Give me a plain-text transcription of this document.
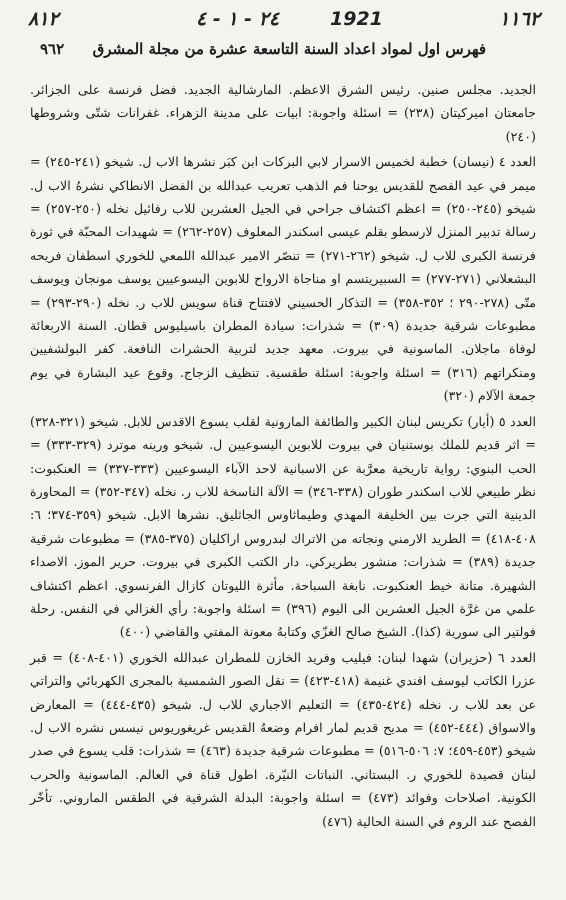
٨١٢	٢٤ - ١ - ٤	1921	١١٦٢
فهرس اول لمواد اعداد السنة التاسعة عشرة من مجلة المشرق
٩٦٢

الجديد. مجلس صنين. رئيس الشرق الاعظم. المارشالية الجديد. فضل فرنسة على الجزائر. جامعتان اميركيتان (٢٣٨) = اسئلة واجوبة: ابيات على مدينة الزهراء. غفرانات شتّى وشروطها (٢٤٠)

العدد ٤ (نيسان) خطبة لخميس الاسرار لابي البركات ابن كبَر نشرها الاب ل. شيخو (٢٤١-٢٤٥) = ميمر في عيد الفصح للقديس يوحنا فم الذهب تعريب عبدالله بن الفضل الانطاكي نشرهُ الاب ل. شيخو (٢٤٥-٢٥٠) = اعظم اكتشاف جراحي في الجيل العشرين للاب رفائيل نخله (٢٥٠-٢٥٧) = رسالة تدبير المنزل لارسطو بقلم عيسى اسكندر المعلوف (٢٥٧-٢٦٢) = شهيدات المحبّة في ثورة فرنسة الكبرى للاب ل. شيخو (٢٦٢-٢٧١) = تنصّر الامير عبدالله اللمعي للخوري اسطفان فريحه البشعلاني (٢٧١-٢٧٧) = السبيريتسم او مناجاة الارواح للابوين اليسوعيين يوسف مونجان ويوسف متّى (٢٧٨-٢٩٠ ؛ ٣٥٢-٣٥٨) = التذكار الحسيني لافتتاح قناة سويس للاب ر. نخله (٢٩٠-٢٩٣) = مطبوعات شرقية جديدة (٣٠٩) = شذرات: سيادة المطران باسيليوس قطان. السنة الاربعائة لوفاة ماجلان. الماسونية في بيروت. معهد جديد لتربية الحشرات النافعة. كفر البولشفيين ومنكراتهم (٣١٦) = اسئلة واجوبة: اسئلة طقسية. تنظيف الزجاج. وقوع عيد البشارة في يوم جمعة الآلام (٣٢٠)

العدد ٥ (أيار) تكريس لبنان الكبير والطائفة المارونية لقلب يسوع الاقدس للابل. شيخو (٣٢١-٣٢٨) = اثر قديم للملك بوستنيان في بيروت للابوين اليسوعيين ل. شيخو ورينه موترد (٣٢٩-٣٣٣) = الحب البنوي: رواية تاريخية معرَّبة عن الاسبانية لاحد الآباء اليسوعيين (٣٣٣-٣٣٧) = العنكبوت: نظر طبيعي للاب اسكندر طوران (٣٣٨-٣٤٦) = الآلة الناسخة للاب ر. نخله (٣٤٧-٣٥٢) = المحاورة الدينية التي جرت بين الخليفة المهدي وطيماثاوس الجاثليق. نشرها الابل. شيخو (٣٥٩-٣٧٤؛ ٦: ٤٠٨-٤١٨) = الطريد الارمني ونجاته من الاتراك لبدروس اراكليان (٣٧٥-٣٨٥) = مطبوعات شرقية جديدة (٣٨٩) = شذرات: منشور بطريركي. دار الكتب الكبرى في بيروت. حرير الموز. الاصداء الشهيرة. متانة خيط العنكبوت. نابغة السباحة. مأثرة الليوتان كازال الفرنسوي. اعظم اكتشاف علمي من غرَّة الجيل العشرين الى اليوم (٣٩٦) = اسئلة واجوبة: رأي الغزالي في النفس. رحلة فولتير الى سورية (كذا). الشيخ صالح الغزّي وكتابهُ معونة المفتي والقاضي (٤٠٠)

العدد ٦ (حزيران) شهدا لبنان: فيليب وفريد الخازن للمطران عبدالله الخوري (٤٠١-٤٠٨) = قبر عزرا الكاتب ليوسف افندي غنيمة (٤١٨-٤٢٣) = نقل الصور الشمسية بالمجرى الكهربائي والتراتي عن بعد للاب ر. نخله (٤٢٤-٤٣٥) = التعليم الاجباري للاب ل. شيخو (٤٣٥-٤٤٤) = المعارض والاسواق (٤٤٤-٤٥٢) = مديح قديم لمار افرام وضعهُ القديس غريغوريوس نيسس نشره الاب ل. شيخو (٤٥٣-٤٥٩؛ ٧: ٥٠٦-٥١٦) = مطبوعات شرقية جديدة (٤٦٣) = شذرات: قلب يسوع في صدر لبنان قصيدة للخوري ر. البستاني. النباتات النيّرة. اطول قناة في العالم. الماسونية والحرب الكونية. اصلاحات وفوائد (٤٧٣) = اسئلة واجوبة: البدلة الشرقية في الطقس الماروني. تأخّر الفصح عند الروم في السنة الحالية (٤٧٦)
